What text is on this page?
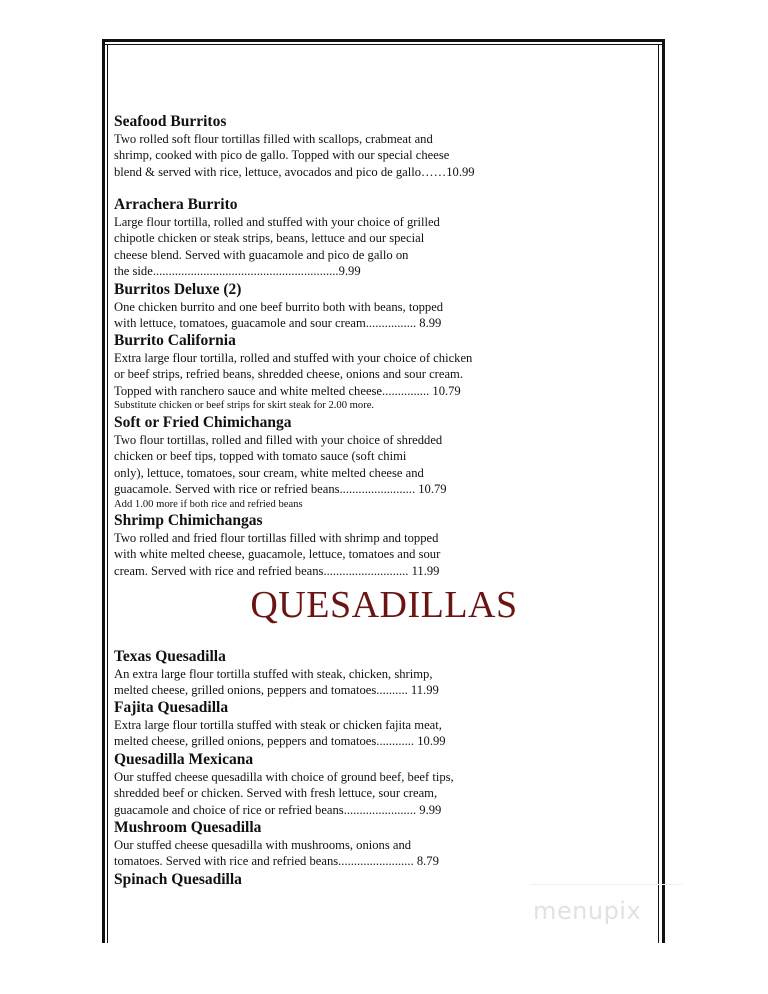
Seafood Burritos

Two rolled soft flour tortillas filled with scallops, crabmeat and
shrimp, cooked with pico de gallo. Topped with our special cheese
blend & served with rice, lettuce, avocados and pico de gallo……10.99

Arrachera Burrito

Large flour tortilla, rolled and stuffed with your choice of grilled
chipotle chicken or steak strips, beans, lettuce and our special
cheese blend. Served with guacamole and pico de gallo on
the side...........................................................9.99

Burritos Deluxe (2)

One chicken burrito and one beef burrito both with beans, topped
with lettuce, tomatoes, guacamole and sour cream................ 8.99

Burrito California

Extra large flour tortilla, rolled and stuffed with your choice of chicken
or beef strips, refried beans, shredded cheese, onions and sour cream.
Topped with ranchero sauce and white melted cheese............... 10.79

Substitute chicken or beef strips for skirt steak for 2.00 more.

Soft or Fried Chimichanga

Two flour tortillas, rolled and filled with your choice of shredded
chicken or beef tips, topped with tomato sauce (soft chimi
only), lettuce, tomatoes, sour cream, white melted cheese and
guacamole. Served with rice or refried beans........................ 10.79

Add 1.00 more if both rice and refried beans

Shrimp Chimichangas

Two rolled and fried flour tortillas filled with shrimp and topped
with white melted cheese, guacamole, lettuce, tomatoes and sour
cream. Served with rice and refried beans........................... 11.99

QUESADILLAS

Texas Quesadilla

An extra large flour tortilla stuffed with steak, chicken, shrimp,
melted cheese, grilled onions, peppers and tomatoes.......... 11.99

Fajita Quesadilla

Extra large flour tortilla stuffed with steak or chicken fajita meat,
melted cheese, grilled onions, peppers and tomatoes............ 10.99

Quesadilla Mexicana

Our stuffed cheese quesadilla with choice of ground beef, beef tips,
shredded beef or chicken. Served with fresh lettuce, sour cream,
guacamole and choice of rice or refried beans....................... 9.99

Mushroom Quesadilla

Our stuffed cheese quesadilla with mushrooms, onions and
tomatoes. Served with rice and refried beans........................ 8.79

Spinach Quesadilla

menupix
